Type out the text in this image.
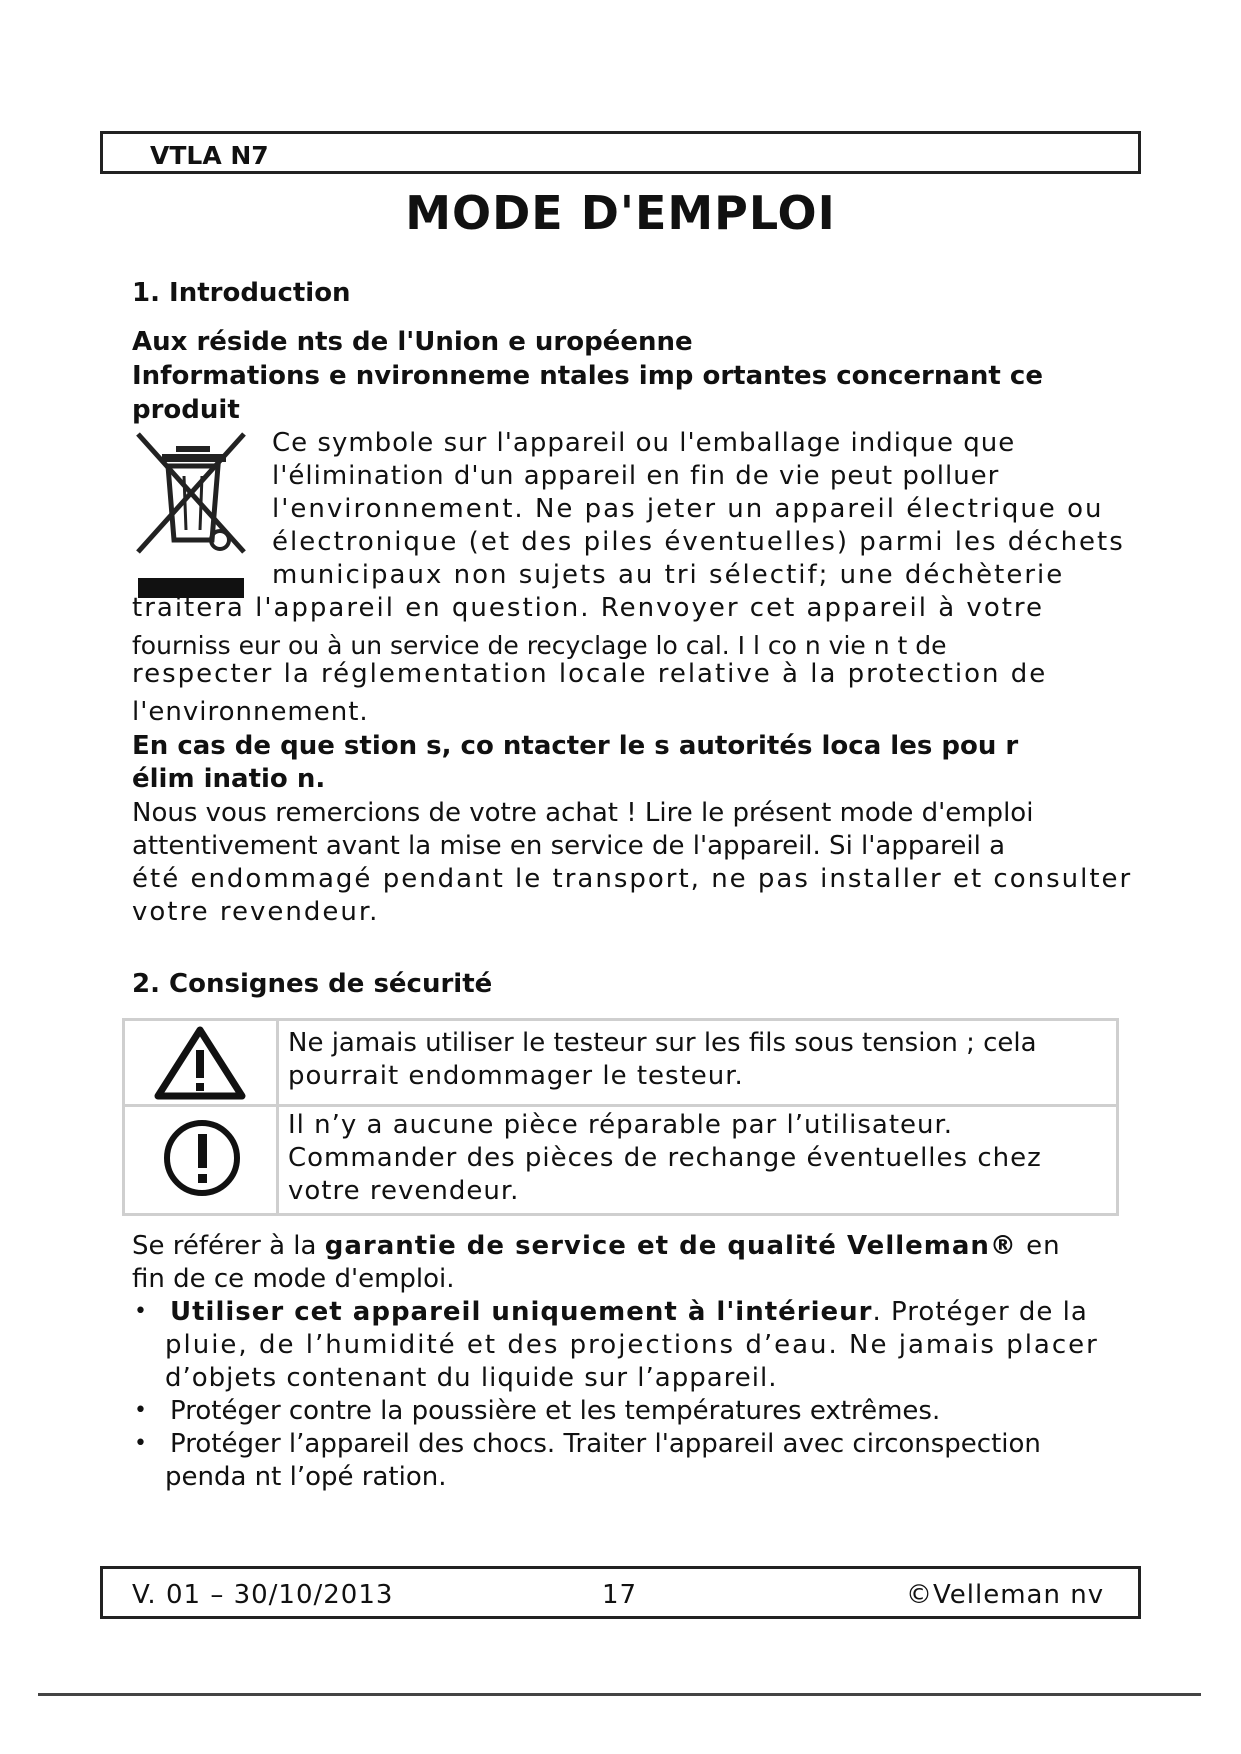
VTLA N7
MODE D'EMPLOI
1. Introduction
Aux réside nts de l'Union e uropéenne
Informations e nvironneme ntales imp ortantes concernant ce
produit
Ce symbole sur l'appareil ou l'emballage indique que
l'élimination d'un appareil en fin de vie peut polluer
l'environnement. Ne pas jeter un appareil électrique ou
électronique (et des piles éventuelles) parmi les déchets
municipaux non sujets au tri sélectif; une déchèterie
traitera l'appareil en question. Renvoyer cet appareil à votre
fourniss eur ou à un service de recyclage lo cal. I l co n vie n t de
respecter la réglementation locale relative à la protection de
l'environnement.
En cas de que stion s, co ntacter le s autorités loca les pou r
élim inatio n.
Nous vous remercions de votre achat ! Lire le présent mode d'emploi
attentivement avant la mise en service de l'appareil. Si l'appareil a
été endommagé pendant le transport, ne pas installer et consulter
votre revendeur.
2. Consignes de sécurité
Ne jamais utiliser le testeur sur les fils sous tension ; cela
pourrait endommager le testeur.
Il n’y a aucune pièce réparable par l’utilisateur.
Commander des pièces de rechange éventuelles chez
votre revendeur.
Se référer à la garantie de service et de qualité Velleman® en
fin de ce mode d'emploi.
• Utiliser cet appareil uniquement à l'intérieur. Protéger de la
pluie, de l’humidité et des projections d’eau. Ne jamais placer
d’objets contenant du liquide sur l’appareil.
• Protéger contre la poussière et les températures extrêmes.
• Protéger l’appareil des chocs. Traiter l'appareil avec circonspection
penda nt l’opé ration.
V. 01 – 30/10/2013	17	©Velleman nv
